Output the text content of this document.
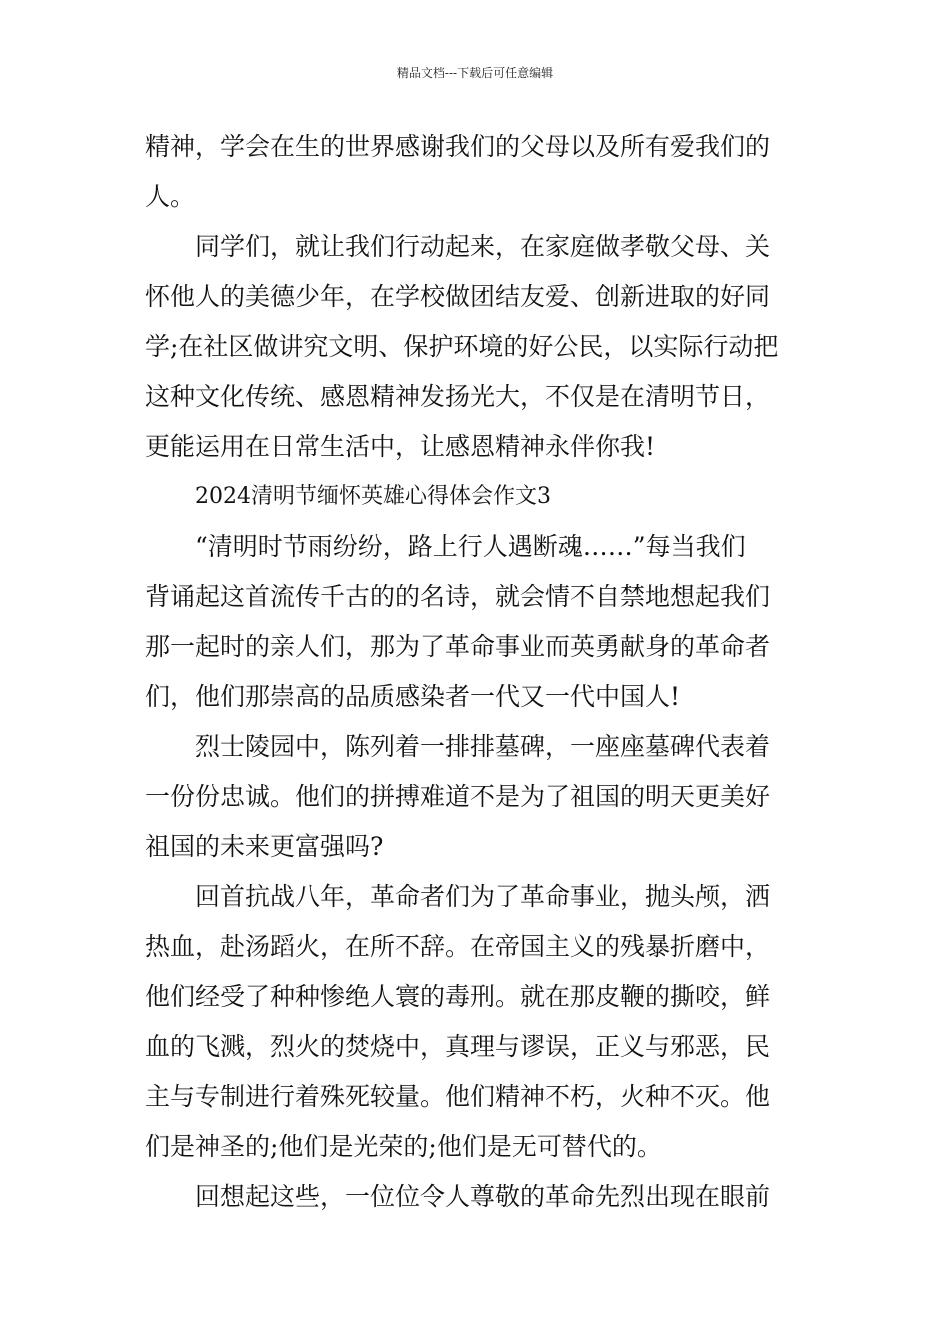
精品文档---下载后可任意编辑
精神，学会在生的世界感谢我们的父母以及所有爱我们的
人。
同学们，就让我们行动起来，在家庭做孝敬父母、关
怀他人的美德少年，在学校做团结友爱、创新进取的好同
学;在社区做讲究文明、保护环境的好公民，以实际行动把
这种文化传统、感恩精神发扬光大，不仅是在清明节日，
更能运用在日常生活中，让感恩精神永伴你我!
2024清明节缅怀英雄心得体会作文3
“清明时节雨纷纷，路上行人遇断魂……”每当我们
背诵起这首流传千古的的名诗，就会情不自禁地想起我们
那一起时的亲人们，那为了革命事业而英勇献身的革命者
们，他们那崇高的品质感染者一代又一代中国人!
烈士陵园中，陈列着一排排墓碑，一座座墓碑代表着
一份份忠诚。他们的拼搏难道不是为了祖国的明天更美好
祖国的未来更富强吗?
回首抗战八年，革命者们为了革命事业，抛头颅，洒
热血，赴汤蹈火，在所不辞。在帝国主义的残暴折磨中，
他们经受了种种惨绝人寰的毒刑。就在那皮鞭的撕咬，鲜
血的飞溅，烈火的焚烧中，真理与谬误，正义与邪恶，民
主与专制进行着殊死较量。他们精神不朽，火种不灭。他
们是神圣的;他们是光荣的;他们是无可替代的。
回想起这些，一位位令人尊敬的革命先烈出现在眼前
